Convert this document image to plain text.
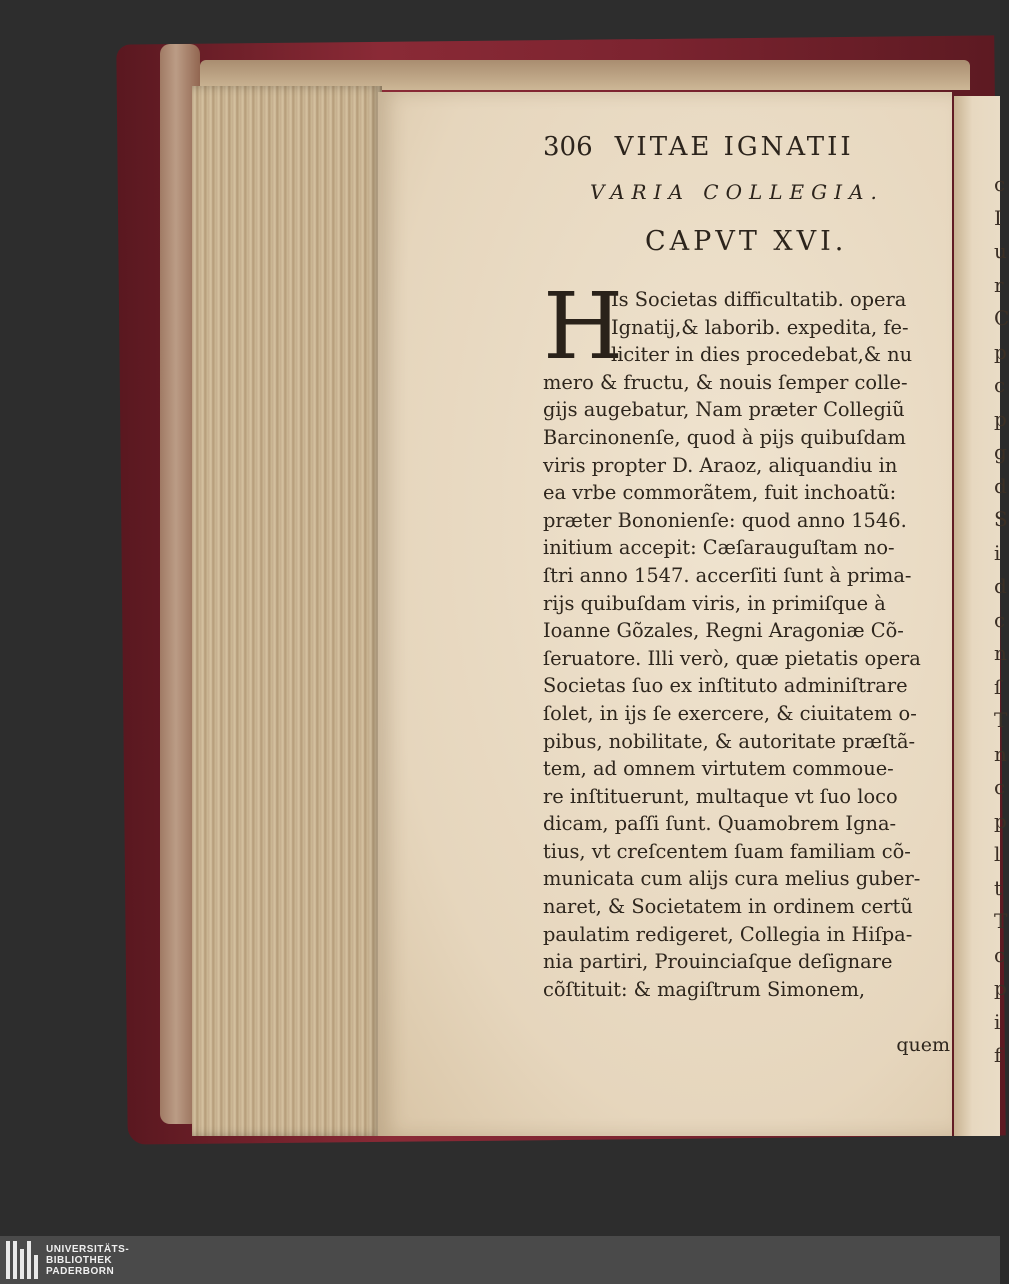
c
I
u
r
C
p
c
p
g
d
S
i
d
c
n
ſ
T
n
c
p
l
t
T
c
p
i
f
306 VITAE IGNATII
VARIA COLLEGIA.
CAPVT XVI.
H
Is Societas difficultatib. opera
Ignatij,& laborib. expedita, fe-
liciter in dies procedebat,& nu
mero & fructu, & nouis ſemper colle-
gijs augebatur, Nam præter Collegiũ
Barcinonenſe, quod à pijs quibuſdam
viris propter D. Araoz, aliquandiu in
ea vrbe commorãtem, fuit inchoatũ:
præter Bononienſe: quod anno 1546.
initium accepit: Cæſarauguſtam no-
ſtri anno 1547. accerſiti ſunt à prima-
rijs quibuſdam viris, in primiſque à
Ioanne Gõzales, Regni Aragoniæ Cõ-
ſeruatore. Illi verò, quæ pietatis opera
Societas ſuo ex inſtituto adminiſtrare
ſolet, in ijs ſe exercere, & ciuitatem o-
pibus, nobilitate, & autoritate præſtã-
tem, ad omnem virtutem commoue-
re inſtituerunt, multaque vt ſuo loco
dicam, paſſi ſunt. Quamobrem Igna-
tius, vt creſcentem ſuam familiam cõ-
municata cum alijs cura melius guber-
naret, & Societatem in ordinem certũ
paulatim redigeret, Collegia in Hiſpa-
nia partiri, Prouinciaſque deſignare
cõſtituit: & magiſtrum Simonem,
quem
UNIVERSITÄTS-
BIBLIOTHEK
PADERBORN
